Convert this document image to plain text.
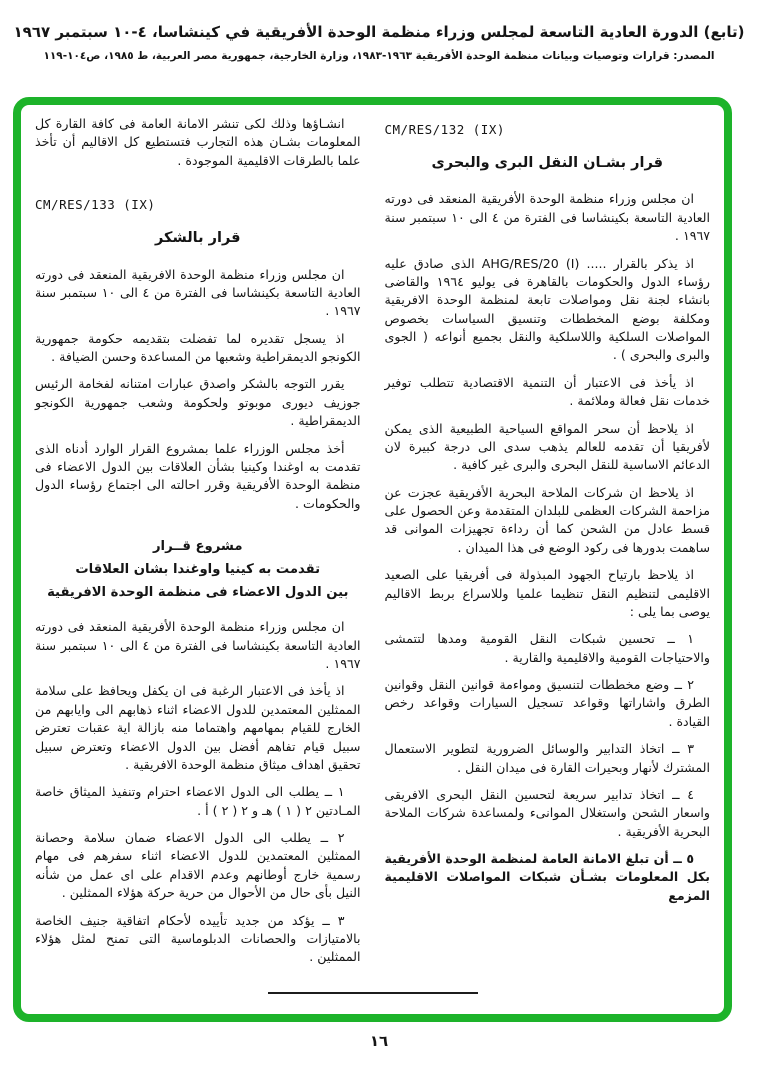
(تابع) الدورة العادية التاسعة لمجلس وزراء منظمة الوحدة الأفريقية في كينشاسا، ٤-١٠ سبتمبر ١٩٦٧
المصدر: قرارات وتوصيات وبيانات منظمة الوحدة الأفريقية ١٩٦٣-١٩٨٣، وزارة الخارجية، جمهورية مصر العربية، ط ١٩٨٥، ص١٠٤-١١٩
CM/RES/132 (IX)
قرار بشـان النقل البرى والبحرى

ان مجلس وزراء منظمة الوحدة الأفريقية المنعقد فى دورته العادية التاسعة بكينشاسا فى الفترة من ٤ الى ١٠ سبتمبر سنة ١٩٦٧ .

اذ يذكر بالقرار ..... AHG/RES/20 (I) الذى صادق عليه رؤساء الدول والحكومات بالقاهرة فى يوليو ١٩٦٤ والقاضى بانشاء لجنة نقل ومواصلات تابعة لمنظمة الوحدة الافريقية ومكلفة بوضع المخططات وتنسيق السياسات بخصوص المواصلات السلكية واللاسلكية والنقل بجميع أنواعه ( الجوى والبرى والبحرى ) .

اذ يأخذ فى الاعتبار أن التنمية الاقتصادية تتطلب توفير خدمات نقل فعالة وملائمة .

اذ يلاحظ أن سحر المواقع السياحية الطبيعية الذى يمكن لأفريقيا أن تقدمه للعالم يذهب سدى الى درجة كبيرة لان الدعائم الاساسية للنقل البحرى والبرى غير كافية .

اذ يلاحظ ان شركات الملاحة البحرية الأفريقية عجزت عن مزاحمة الشركات العظمى للبلدان المتقدمة وعن الحصول على قسط عادل من الشحن كما أن رداءة تجهيزات الموانى قد ساهمت بدورها فى ركود الوضع فى هذا الميدان .

اذ يلاحظ بارتياح الجهود المبذولة فى أفريقيا على الصعيد الاقليمى لتنظيم النقل تنظيما علميا وللاسراع بربط الاقاليم يوصى بما يلى :

١ ــ تحسين شبكات النقل القومية ومدها لتتمشى والاحتياجات القومية والاقليمية والقارية .

٢ ــ وضع مخططات لتنسيق ومواءمة قوانين النقل وقوانين الطرق واشاراتها وقواعد تسجيل السيارات وقواعد رخص القيادة .

٣ ــ اتخاذ التدابير والوسائل الضرورية لتطوير الاستعمال المشترك لأنهار وبحيرات القارة فى ميدان النقل .

٤ ــ اتخاذ تدابير سريعة لتحسين النقل البحرى الافريقى واسعار الشحن واستغلال الموانىء ولمساعدة شركات الملاحة البحرية الأفريقية .

٥ ــ أن تبلغ الامانة العامة لمنظمة الوحدة الأفريقية بكل المعلومات بشـأن شبكات المواصلات الاقليمية المزمع

انشـاؤها وذلك لكى تنشر الامانة العامة فى كافة القارة كل المعلومات بشـان هذه التجارب فتستطيع كل الاقاليم أن تأخذ علما بالطرقات الاقليمية الموجودة .

CM/RES/133 (IX)
قرار بالشكر

ان مجلس وزراء منظمة الوحدة الافريقية المنعقد فى دورته العادية التاسعة بكينشاسا فى الفترة من ٤ الى ١٠ سبتمبر سنة ١٩٦٧ .

اذ يسجل تقديره لما تفضلت بتقديمه حكومة جمهورية الكونجو الديمقراطية وشعبها من المساعدة وحسن الضيافة .

يقرر التوجه بالشكر واصدق عبارات امتنانه لفخامة الرئيس جوزيف ديورى موبوتو ولحكومة وشعب جمهورية الكونجو الديمقراطية .

أخذ مجلس الوزراء علما بمشروع القرار الوارد أدناه الذى تقدمت به اوغندا وكينيا بشأن العلاقات بين الدول الاعضاء فى منظمة الوحدة الأفريقية وقرر احالته الى اجتماع رؤساء الدول والحكومات .

مشروع قــرار
تقدمت به كينيا واوغندا بشان العلاقات
بين الدول الاعضاء فى منظمة الوحدة الافريقية

ان مجلس وزراء منظمة الوحدة الأفريقية المنعقد فى دورته العادية التاسعة بكينشاسا فى الفترة من ٤ الى ١٠ سبتمبر سنة ١٩٦٧ .

اذ يأخذ فى الاعتبار الرغبة فى ان يكفل ويحافظ على سلامة الممثلين المعتمدين للدول الاعضاء اثناء ذهابهم الى وايابهم من الخارج للقيام بمهامهم واهتماما منه بازالة اية عقبات تعترض سبيل قيام تفاهم أفضل بين الدول الاعضاء وتعترض سبيل تحقيق اهداف ميثاق منظمة الوحدة الافريقية .

١ ــ يطلب الى الدول الاعضاء احترام وتنفيذ الميثاق خاصة المـادتين ٢ ( ١ ) هـ و ٢ ( ٢ ) أ .

٢ ــ يطلب الى الدول الاعضاء ضمان سلامة وحصانة الممثلين المعتمدين للدول الاعضاء اثناء سفرهم فى مهام رسمية خارج أوطانهم وعدم الاقدام على اى عمل من شأنه النيل بأى حال من الأحوال من حرية حركة هؤلاء الممثلين .

٣ ــ يؤكد من جديد تأييده لأحكام اتفاقية جنيف الخاصة بالامتيازات والحصانات الدبلوماسية التى تمنح لمثل هؤلاء الممثلين .

١٦
